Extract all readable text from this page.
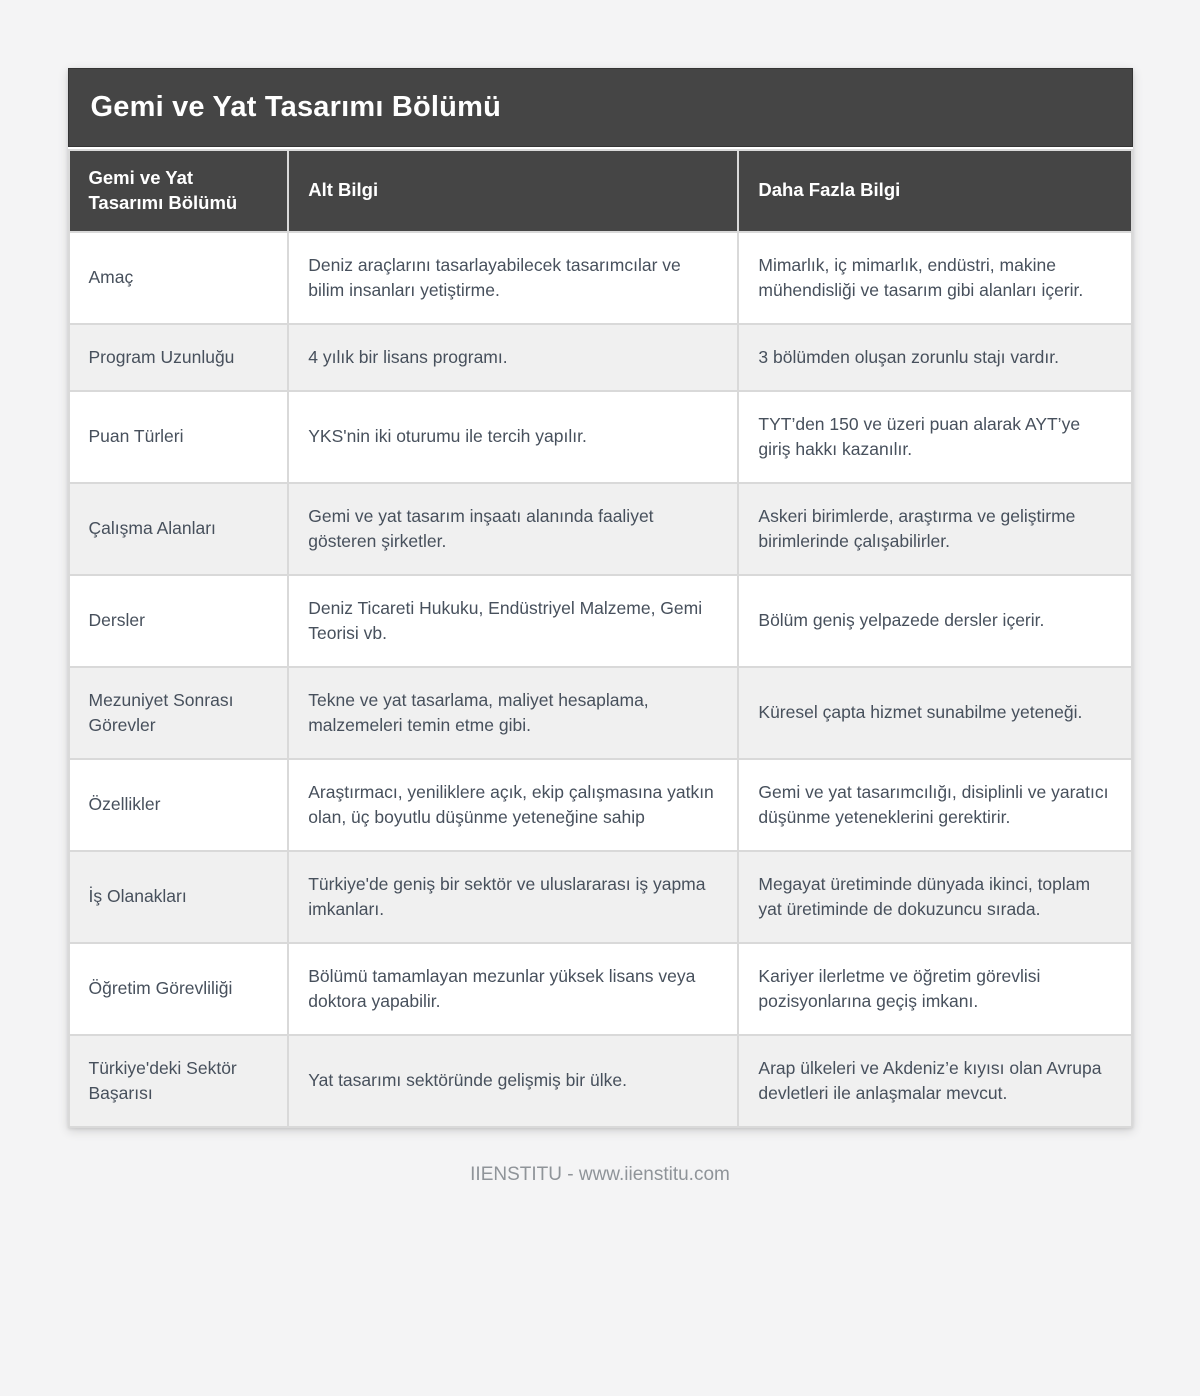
Gemi ve Yat Tasarımı Bölümü
Gemi ve Yat Tasarımı Bölümü	Alt Bilgi	Daha Fazla Bilgi
Amaç	Deniz araçlarını tasarlayabilecek tasarımcılar ve bilim insanları yetiştirme.	Mimarlık, iç mimarlık, endüstri, makine mühendisliği ve tasarım gibi alanları içerir.
Program Uzunluğu	4 yılık bir lisans programı.	3 bölümden oluşan zorunlu stajı vardır.
Puan Türleri	YKS'nin iki oturumu ile tercih yapılır.	TYT’den 150 ve üzeri puan alarak AYT’ye giriş hakkı kazanılır.
Çalışma Alanları	Gemi ve yat tasarım inşaatı alanında faaliyet gösteren şirketler.	Askeri birimlerde, araştırma ve geliştirme birimlerinde çalışabilirler.
Dersler	Deniz Ticareti Hukuku, Endüstriyel Malzeme, Gemi Teorisi vb.	Bölüm geniş yelpazede dersler içerir.
Mezuniyet Sonrası Görevler	Tekne ve yat tasarlama, maliyet hesaplama, malzemeleri temin etme gibi.	Küresel çapta hizmet sunabilme yeteneği.
Özellikler	Araştırmacı, yeniliklere açık, ekip çalışmasına yatkın olan, üç boyutlu düşünme yeteneğine sahip	Gemi ve yat tasarımcılığı, disiplinli ve yaratıcı düşünme yeteneklerini gerektirir.
İş Olanakları	Türkiye'de geniş bir sektör ve uluslararası iş yapma imkanları.	Megayat üretiminde dünyada ikinci, toplam yat üretiminde de dokuzuncu sırada.
Öğretim Görevliliği	Bölümü tamamlayan mezunlar yüksek lisans veya doktora yapabilir.	Kariyer ilerletme ve öğretim görevlisi pozisyonlarına geçiş imkanı.
Türkiye'deki Sektör Başarısı	Yat tasarımı sektöründe gelişmiş bir ülke.	Arap ülkeleri ve Akdeniz’e kıyısı olan Avrupa devletleri ile anlaşmalar mevcut.
IIENSTITU - www.iienstitu.com
